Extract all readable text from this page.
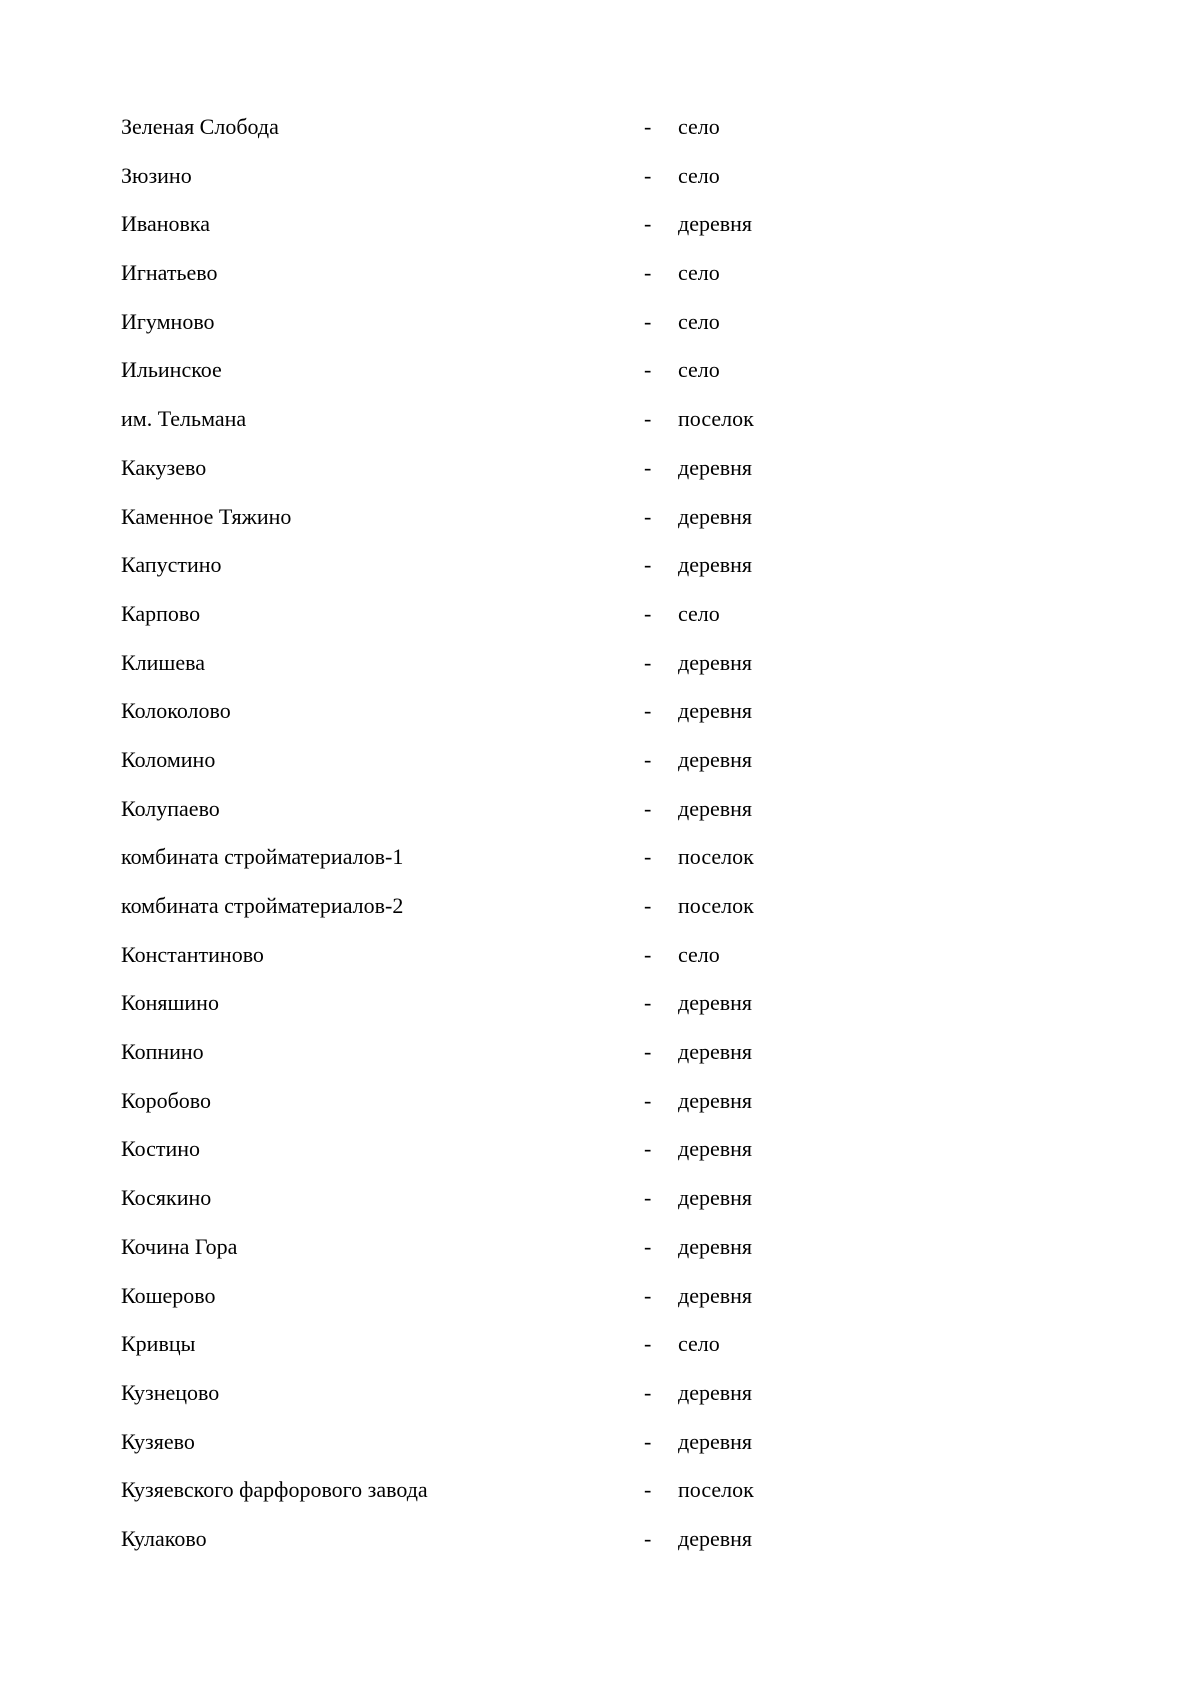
Зеленая Слобода	- село
Зюзино	- село
Ивановка	- деревня
Игнатьево	- село
Игумново	- село
Ильинское	- село
им. Тельмана	- поселок
Какузево	- деревня
Каменное Тяжино	- деревня
Капустино	- деревня
Карпово	- село
Клишева	- деревня
Колоколово	- деревня
Коломино	- деревня
Колупаево	- деревня
комбината стройматериалов-1	- поселок
комбината стройматериалов-2	- поселок
Константиново	- село
Коняшино	- деревня
Копнино	- деревня
Коробово	- деревня
Костино	- деревня
Косякино	- деревня
Кочина Гора	- деревня
Кошерово	- деревня
Кривцы	- село
Кузнецово	- деревня
Кузяево	- деревня
Кузяевского фарфорового завода	- поселок
Кулаково	- деревня
